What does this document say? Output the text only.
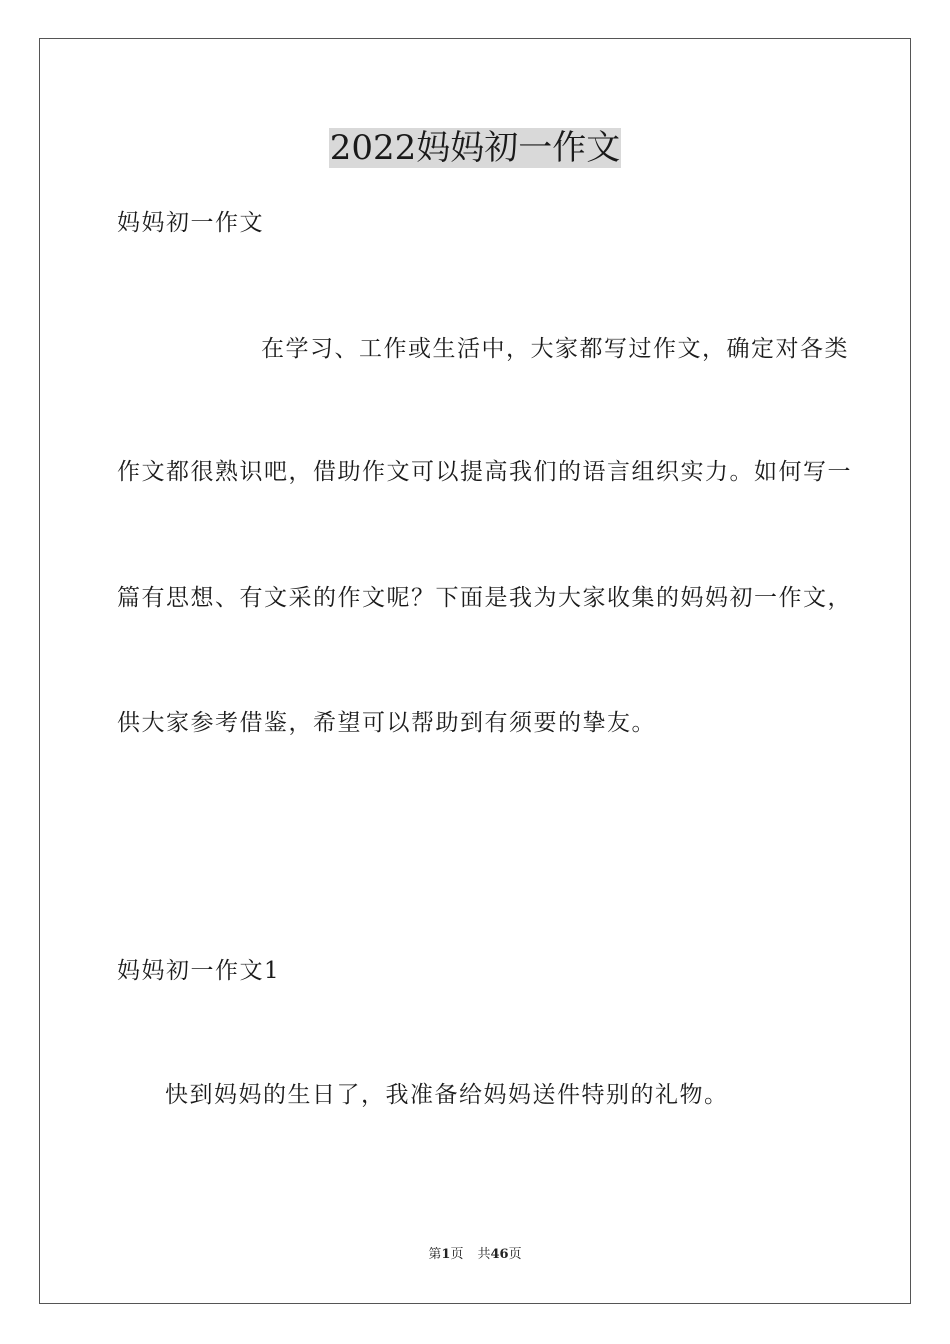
2022妈妈初一作文

妈妈初一作文

在学习、工作或生活中，大家都写过作文，确定对各类

作文都很熟识吧，借助作文可以提高我们的语言组织实力。如何写一

篇有思想、有文采的作文呢？下面是我为大家收集的妈妈初一作文，

供大家参考借鉴，希望可以帮助到有须要的挚友。

妈妈初一作文1

快到妈妈的生日了，我准备给妈妈送件特别的礼物。

第1页 共46页
